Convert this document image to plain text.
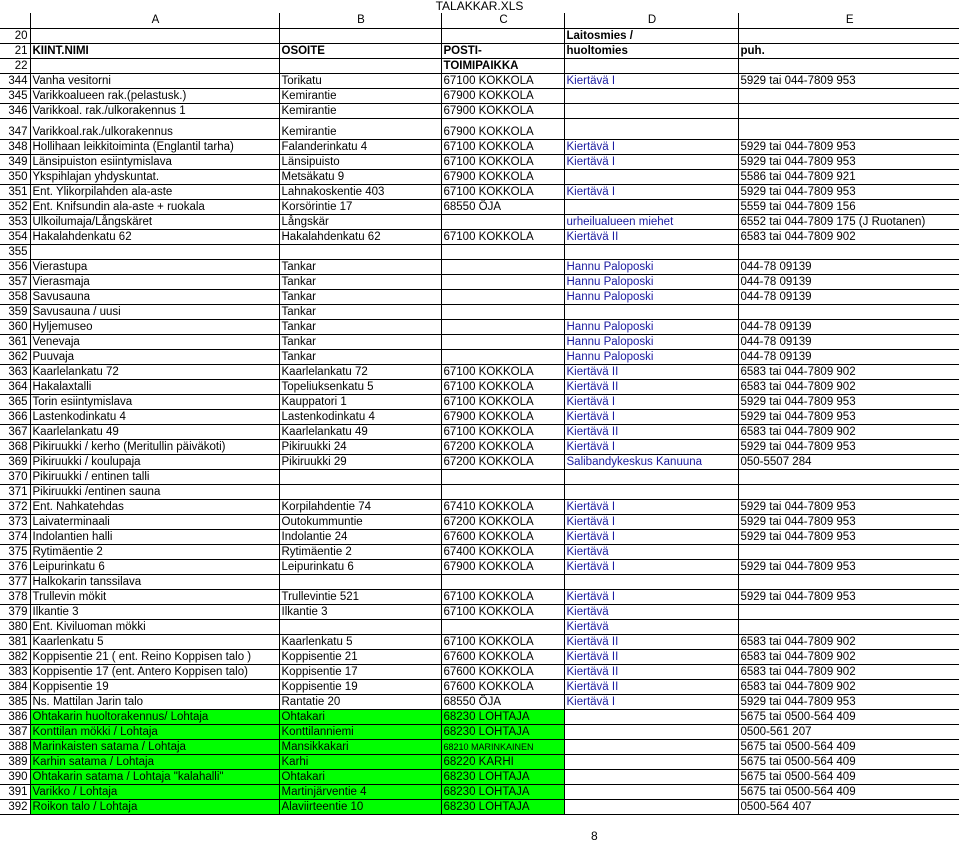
TALAKKAR.XLS
	A	B	C	D	E
20				Laitosmies /	
21	KIINT.NIMI	OSOITE	POSTI-	huoltomies	puh.
22			TOIMIPAIKKA		
344	Vanha vesitorni	Torikatu	67100 KOKKOLA	Kiertävä I	5929 tai 044-7809 953
345	Varikkoalueen rak.(pelastusk.)	Kemirantie	67900 KOKKOLA		
346	Varikkoal. rak./ulkorakennus 1	Kemirantie	67900 KOKKOLA		
347	Varikkoal.rak./ulkorakennus	Kemirantie	67900 KOKKOLA		
348	Hollihaan leikkitoiminta (Englantil tarha)	Falanderinkatu 4	67100 KOKKOLA	Kiertävä I	5929 tai 044-7809 953
349	Länsipuiston esiintymislava	Länsipuisto	67100 KOKKOLA	Kiertävä I	5929 tai 044-7809 953
350	Ykspihlajan yhdyskuntat.	Metsäkatu 9	67900 KOKKOLA		5586 tai 044-7809 921
351	Ent. Ylikorpilahden ala-aste	Lahnakoskentie 403	67100 KOKKOLA	Kiertävä I	5929 tai 044-7809 953
352	Ent. Knifsundin ala-aste + ruokala	Korsörintie 17	68550 ÖJA		5559 tai 044-7809 156
353	Ulkoilumaja/Långskäret	Långskär		urheilualueen miehet	6552 tai 044-7809 175 (J Ruotanen)
354	Hakalahdenkatu 62	Hakalahdenkatu 62	67100 KOKKOLA	Kiertävä II	6583 tai 044-7809 902
355					
356	Vierastupa	Tankar		Hannu Paloposki	044-78 09139
357	Vierasmaja	Tankar		Hannu Paloposki	044-78 09139
358	Savusauna	Tankar		Hannu Paloposki	044-78 09139
359	Savusauna / uusi	Tankar			
360	Hyljemuseo	Tankar		Hannu Paloposki	044-78 09139
361	Venevaja	Tankar		Hannu Paloposki	044-78 09139
362	Puuvaja	Tankar		Hannu Paloposki	044-78 09139
363	Kaarlelankatu 72	Kaarlelankatu 72	67100 KOKKOLA	Kiertävä II	6583 tai 044-7809 902
364	Hakalaxtalli	Topeliuksenkatu 5	67100 KOKKOLA	Kiertävä II	6583 tai 044-7809 902
365	Torin esiintymislava	Kauppatori 1	67100 KOKKOLA	Kiertävä I	5929 tai 044-7809 953
366	Lastenkodinkatu 4	Lastenkodinkatu 4	67900 KOKKOLA	Kiertävä I	5929 tai 044-7809 953
367	Kaarlelankatu 49	Kaarlelankatu 49	67100 KOKKOLA	Kiertävä II	6583 tai 044-7809 902
368	Pikiruukki / kerho (Meritullin päiväkoti)	Pikiruukki 24	67200 KOKKOLA	Kiertävä I	5929 tai 044-7809 953
369	Pikiruukki / koulupaja	Pikiruukki 29	67200 KOKKOLA	Salibandykeskus Kanuuna	050-5507 284
370	Pikiruukki / entinen talli				
371	Pikiruukki /entinen sauna				
372	Ent. Nahkatehdas	Korpilahdentie 74	67410 KOKKOLA	Kiertävä I	5929 tai 044-7809 953
373	Laivaterminaali	Outokummuntie	67200 KOKKOLA	Kiertävä I	5929 tai 044-7809 953
374	Indolantien halli	Indolantie 24	67600 KOKKOLA	Kiertävä I	5929 tai 044-7809 953
375	Rytimäentie 2	Rytimäentie 2	67400 KOKKOLA	Kiertävä	
376	Leipurinkatu 6	Leipurinkatu 6	67900 KOKKOLA	Kiertävä I	5929 tai 044-7809 953
377	Halkokarin tanssilava				
378	Trullevin mökit	Trullevintie 521	67100 KOKKOLA	Kiertävä I	5929 tai 044-7809 953
379	Ilkantie 3	Ilkantie 3	67100 KOKKOLA	Kiertävä	
380	Ent. Kiviluoman mökki			Kiertävä	
381	Kaarlenkatu 5	Kaarlenkatu 5	67100 KOKKOLA	Kiertävä II	6583 tai 044-7809 902
382	Koppisentie 21 ( ent. Reino Koppisen talo )	Koppisentie 21	67600 KOKKOLA	Kiertävä II	6583 tai 044-7809 902
383	Koppisentie 17 (ent. Antero Koppisen talo)	Koppisentie 17	67600 KOKKOLA	Kiertävä II	6583 tai 044-7809 902
384	Koppisentie 19	Koppisentie 19	67600 KOKKOLA	Kiertävä II	6583 tai 044-7809 902
385	Ns. Mattilan Jarin talo	Rantatie 20	68550 ÖJA	Kiertävä I	5929 tai 044-7809 953
386	Ohtakarin huoltorakennus/ Lohtaja	Ohtakari	68230 LOHTAJA		5675 tai 0500-564 409
387	Konttilan mökki / Lohtaja	Konttilanniemi	68230 LOHTAJA		0500-561 207
388	Marinkaisten satama / Lohtaja	Mansikkakari	68210 MARINKAINEN		5675 tai 0500-564 409
389	Karhin satama / Lohtaja	Karhi	68220 KARHI		5675 tai 0500-564 409
390	Ohtakarin satama / Lohtaja "kalahalli"	Ohtakari	68230 LOHTAJA		5675 tai 0500-564 409
391	Varikko / Lohtaja	Martinjärventie 4	68230 LOHTAJA		5675 tai 0500-564 409
392	Roikon talo / Lohtaja	Alaviirteentie 10	68230 LOHTAJA		0500-564 407
8
